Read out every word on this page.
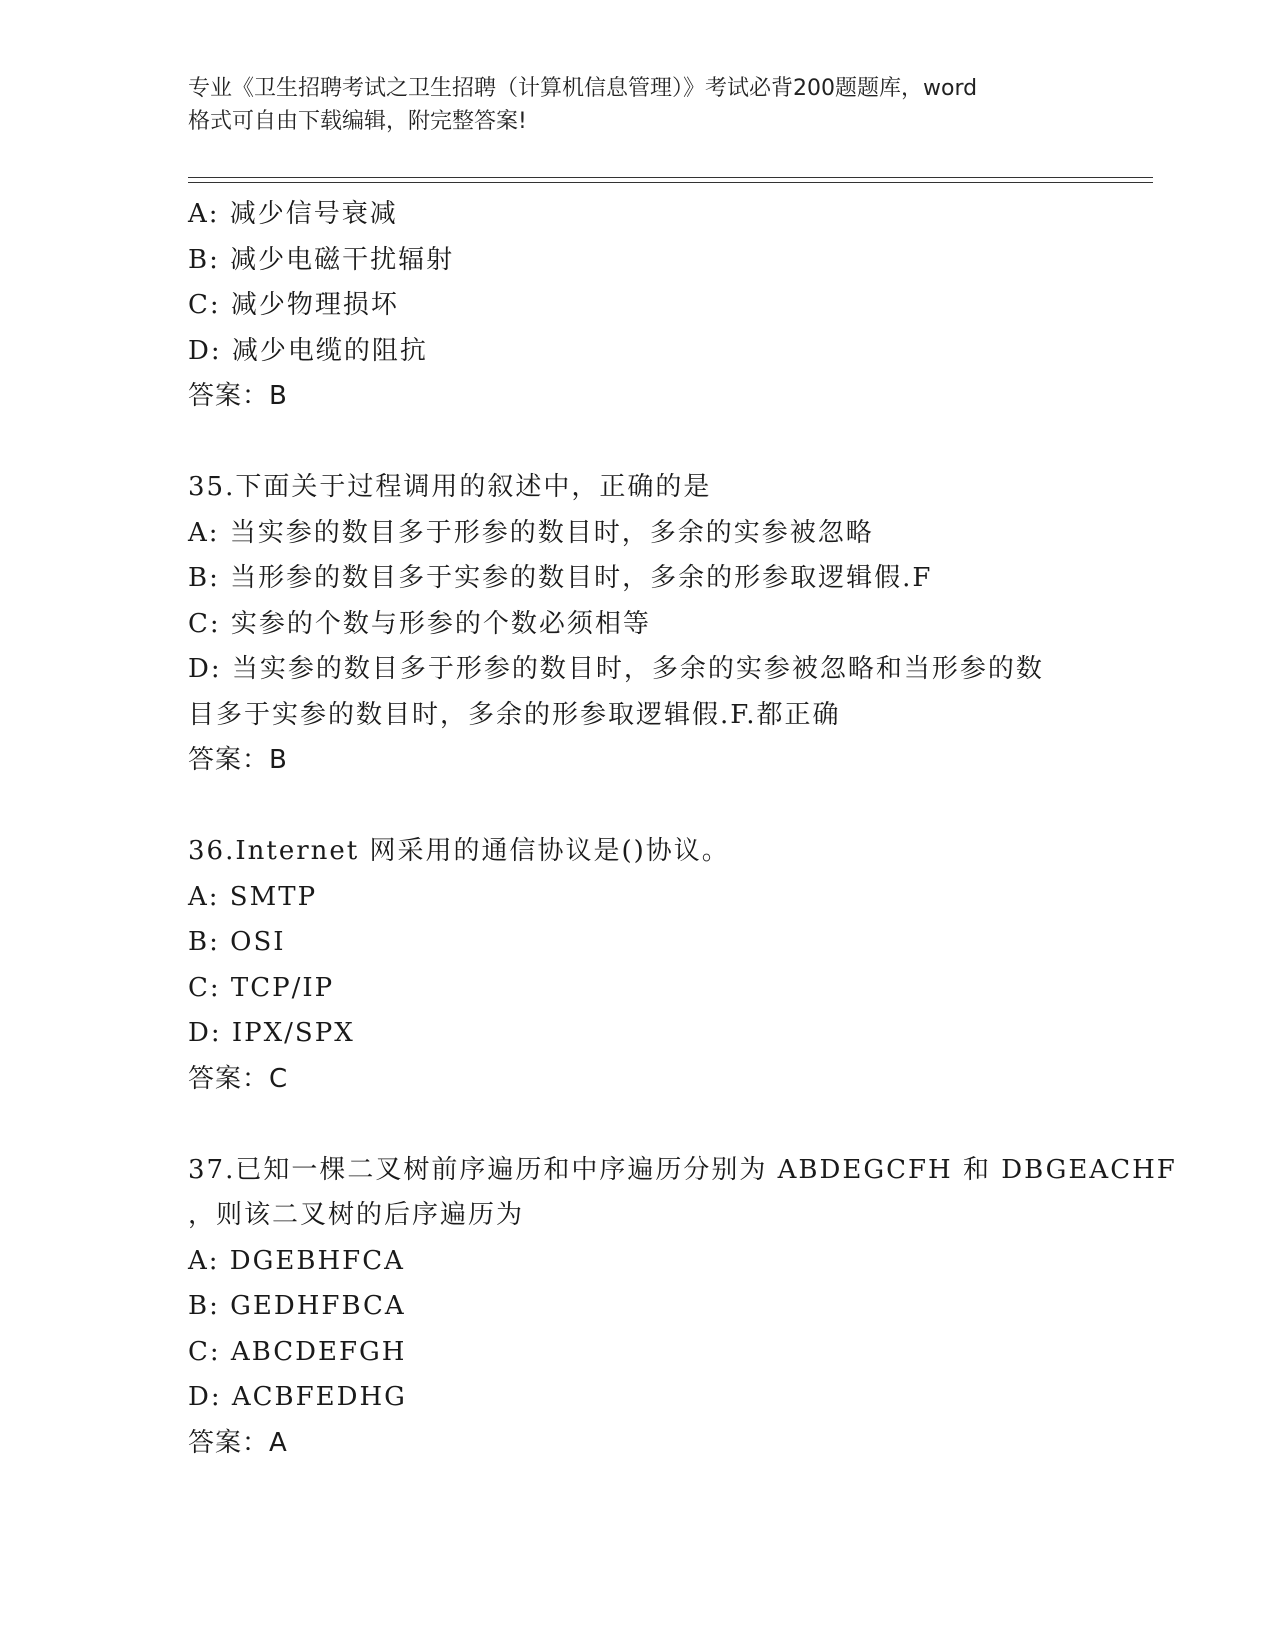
专业《卫生招聘考试之卫生招聘（计算机信息管理）》考试必背200题题库，word
格式可自由下载编辑，附完整答案!
A: 减少信号衰减
B: 减少电磁干扰辐射
C: 减少物理损坏
D: 减少电缆的阻抗
答案：B
35.下面关于过程调用的叙述中，正确的是
A: 当实参的数目多于形参的数目时，多余的实参被忽略
B: 当形参的数目多于实参的数目时，多余的形参取逻辑假.F
C: 实参的个数与形参的个数必须相等
D: 当实参的数目多于形参的数目时，多余的实参被忽略和当形参的数
目多于实参的数目时，多余的形参取逻辑假.F.都正确
答案：B
36.Internet 网采用的通信协议是()协议。
A: SMTP
B: OSI
C: TCP/IP
D: IPX/SPX
答案：C
37.已知一棵二叉树前序遍历和中序遍历分别为 ABDEGCFH 和 DBGEACHF
，则该二叉树的后序遍历为
A: DGEBHFCA
B: GEDHFBCA
C: ABCDEFGH
D: ACBFEDHG
答案：A
